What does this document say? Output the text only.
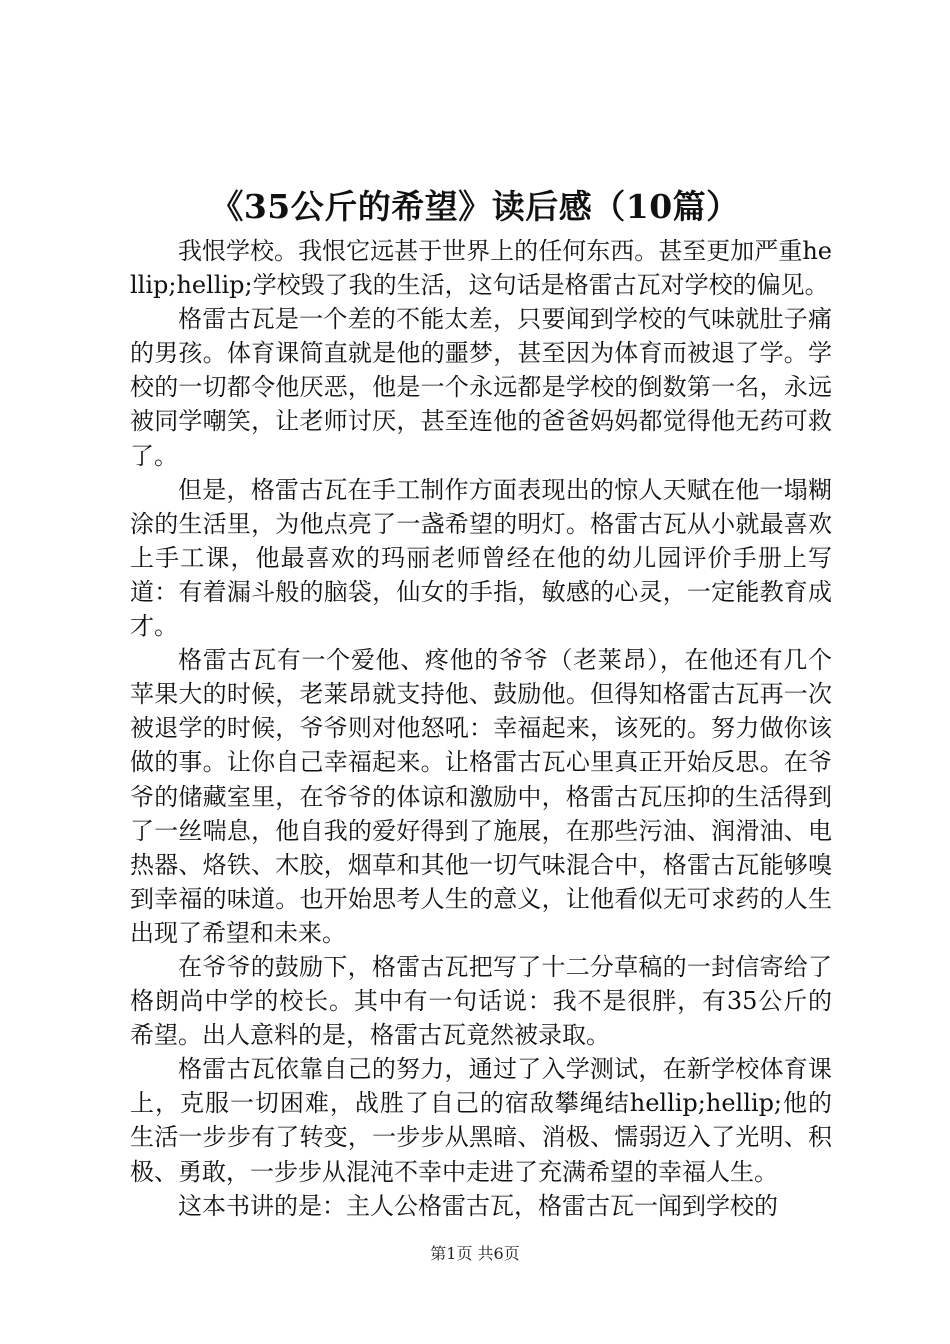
《35公斤的希望》读后感（10篇）

我恨学校。我恨它远甚于世界上的任何东西。甚至更加严重hellip;hellip;学校毁了我的生活，这句话是格雷古瓦对学校的偏见。

格雷古瓦是一个差的不能太差，只要闻到学校的气味就肚子痛的男孩。体育课简直就是他的噩梦，甚至因为体育而被退了学。学校的一切都令他厌恶，他是一个永远都是学校的倒数第一名，永远被同学嘲笑，让老师讨厌，甚至连他的爸爸妈妈都觉得他无药可救了。

但是，格雷古瓦在手工制作方面表现出的惊人天赋在他一塌糊涂的生活里，为他点亮了一盏希望的明灯。格雷古瓦从小就最喜欢上手工课，他最喜欢的玛丽老师曾经在他的幼儿园评价手册上写道：有着漏斗般的脑袋，仙女的手指，敏感的心灵，一定能教育成才。

格雷古瓦有一个爱他、疼他的爷爷（老莱昂），在他还有几个苹果大的时候，老莱昂就支持他、鼓励他。但得知格雷古瓦再一次被退学的时候，爷爷则对他怒吼：幸福起来，该死的。努力做你该做的事。让你自己幸福起来。让格雷古瓦心里真正开始反思。在爷爷的储藏室里，在爷爷的体谅和激励中，格雷古瓦压抑的生活得到了一丝喘息，他自我的爱好得到了施展，在那些污油、润滑油、电热器、烙铁、木胶，烟草和其他一切气味混合中，格雷古瓦能够嗅到幸福的味道。也开始思考人生的意义，让他看似无可求药的人生出现了希望和未来。

在爷爷的鼓励下，格雷古瓦把写了十二分草稿的一封信寄给了格朗尚中学的校长。其中有一句话说：我不是很胖，有35公斤的希望。出人意料的是，格雷古瓦竟然被录取。

格雷古瓦依靠自己的努力，通过了入学测试，在新学校体育课上，克服一切困难，战胜了自己的宿敌攀绳结hellip;hellip;他的生活一步步有了转变，一步步从黑暗、消极、懦弱迈入了光明、积极、勇敢，一步步从混沌不幸中走进了充满希望的幸福人生。

这本书讲的是：主人公格雷古瓦，格雷古瓦一闻到学校的

第1页 共6页
